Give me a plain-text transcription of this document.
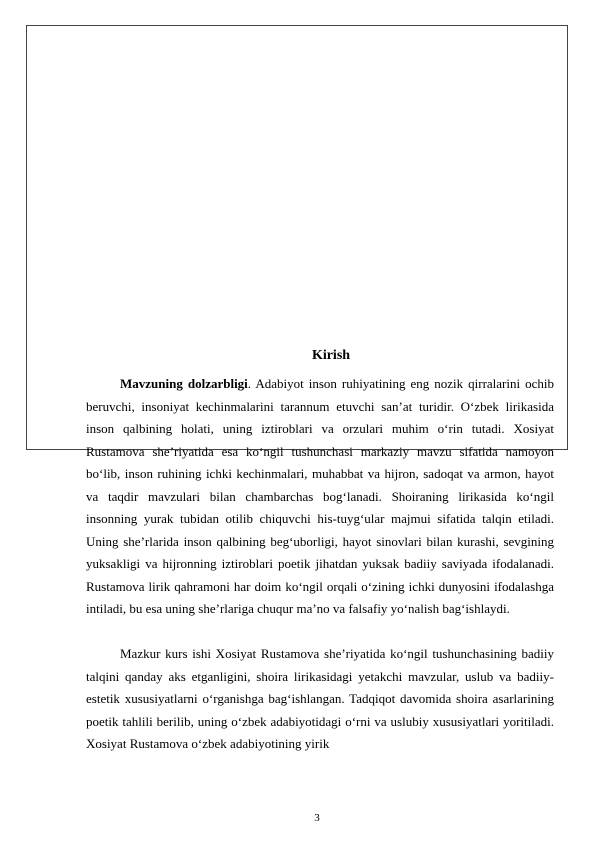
Kirish

Mavzuning dolzarbligi. Adabiyot inson ruhiyatining eng nozik qirralarini ochib beruvchi, insoniyat kechinmalarini tarannum etuvchi san’at turidir. O‘zbek lirikasida inson qalbining holati, uning iztiroblari va orzulari muhim o‘rin tutadi. Xosiyat Rustamova she’riyatida esa ko‘ngil tushunchasi markaziy mavzu sifatida namoyon bo‘lib, inson ruhining ichki kechinmalari, muhabbat va hijron, sadoqat va armon, hayot va taqdir mavzulari bilan chambarchas bog‘lanadi. Shoiraning lirikasida ko‘ngil insonning yurak tubidan otilib chiquvchi his-tuyg‘ular majmui sifatida talqin etiladi. Uning she’rlarida inson qalbining beg‘uborligi, hayot sinovlari bilan kurashi, sevgining yuksakligi va hijronning iztiroblari poetik jihatdan yuksak badiiy saviyada ifodalanadi. Rustamova lirik qahramoni har doim ko‘ngil orqali o‘zining ichki dunyosini ifodalashga intiladi, bu esa uning she’rlariga chuqur ma’no va falsafiy yo‘nalish bag‘ishlaydi.

Mazkur kurs ishi Xosiyat Rustamova she’riyatida ko‘ngil tushunchasining badiiy talqini qanday aks etganligini, shoira lirikasidagi yetakchi mavzular, uslub va badiiy-estetik xususiyatlarni o‘rganishga bag‘ishlangan. Tadqiqot davomida shoira asarlarining poetik tahlili berilib, uning o‘zbek adabiyotidagi o‘rni va uslubiy xususiyatlari yoritiladi. Xosiyat Rustamova o‘zbek adabiyotining yirik

3
